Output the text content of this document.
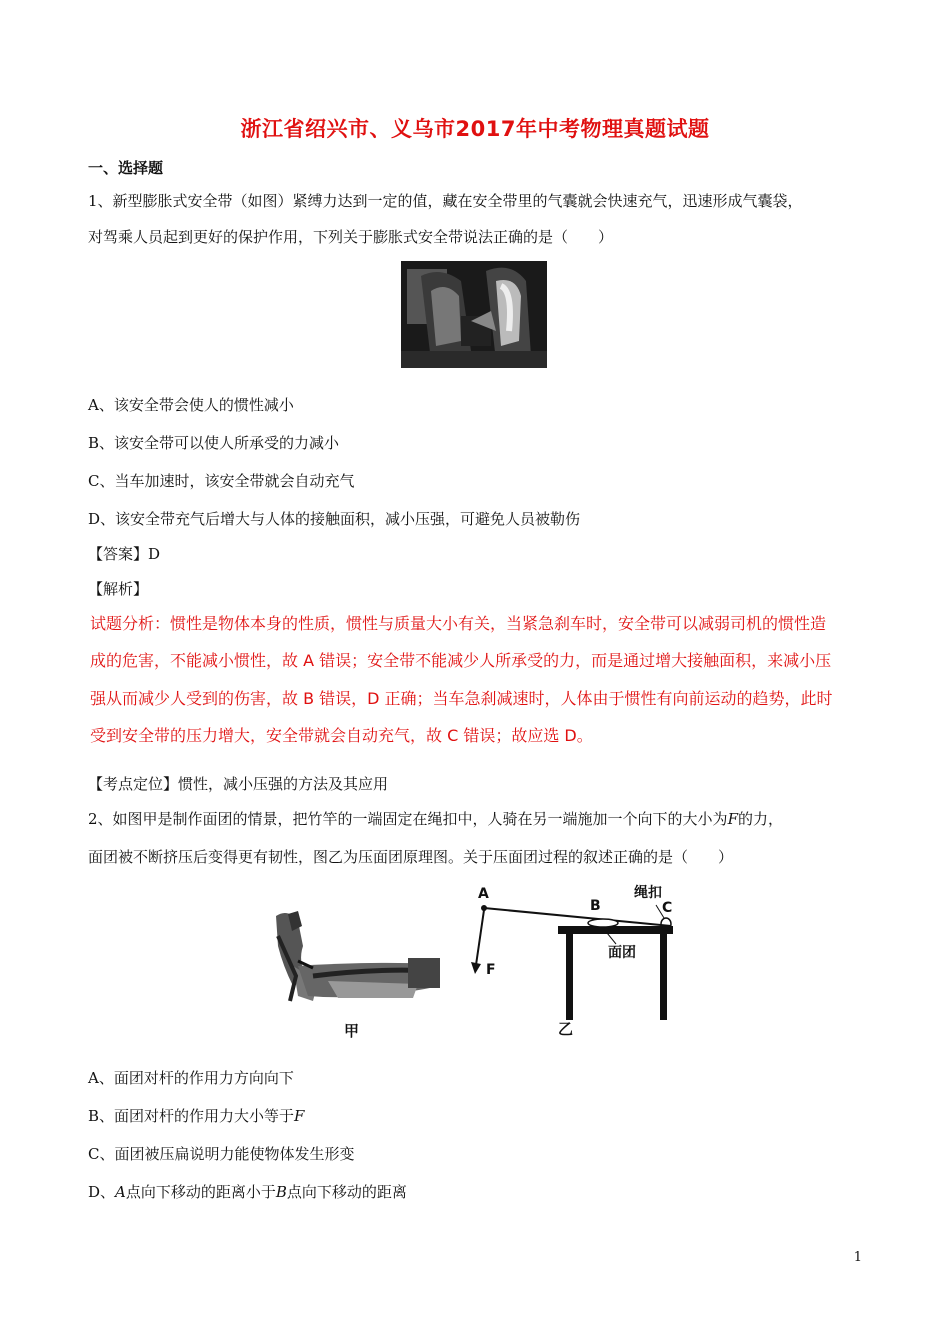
浙江省绍兴市、义乌市2017年中考物理真题试题
一、选择题
1、新型膨胀式安全带（如图）紧缚力达到一定的值，藏在安全带里的气囊就会快速充气，迅速形成气囊袋，
对驾乘人员起到更好的保护作用，下列关于膨胀式安全带说法正确的是（　　）
A、该安全带会使人的惯性减小
B、该安全带可以使人所承受的力减小
C、当车加速时，该安全带就会自动充气
D、该安全带充气后增大与人体的接触面积，减小压强，可避免人员被勒伤
【答案】D
【解析】
试题分析：惯性是物体本身的性质，惯性与质量大小有关，当紧急刹车时，安全带可以减弱司机的惯性造
成的危害，不能减小惯性，故 A 错误；安全带不能减少人所承受的力，而是通过增大接触面积，来减小压
强从而减少人受到的伤害，故 B 错误，D 正确；当车急刹减速时，人体由于惯性有向前运动的趋势，此时
受到安全带的压力增大，安全带就会自动充气，故 C 错误；故应选 D。
【考点定位】惯性，减小压强的方法及其应用
2、如图甲是制作面团的情景，把竹竿的一端固定在绳扣中，人骑在另一端施加一个向下的大小为F的力，
面团被不断挤压后变得更有韧性，图乙为压面团原理图。关于压面团过程的叙述正确的是（　　）
甲
A
B	C
F
绳扣
面团
乙
A、面团对杆的作用力方向向下
B、面团对杆的作用力大小等于F
C、面团被压扁说明力能使物体发生形变
D、A点向下移动的距离小于B点向下移动的距离
1
